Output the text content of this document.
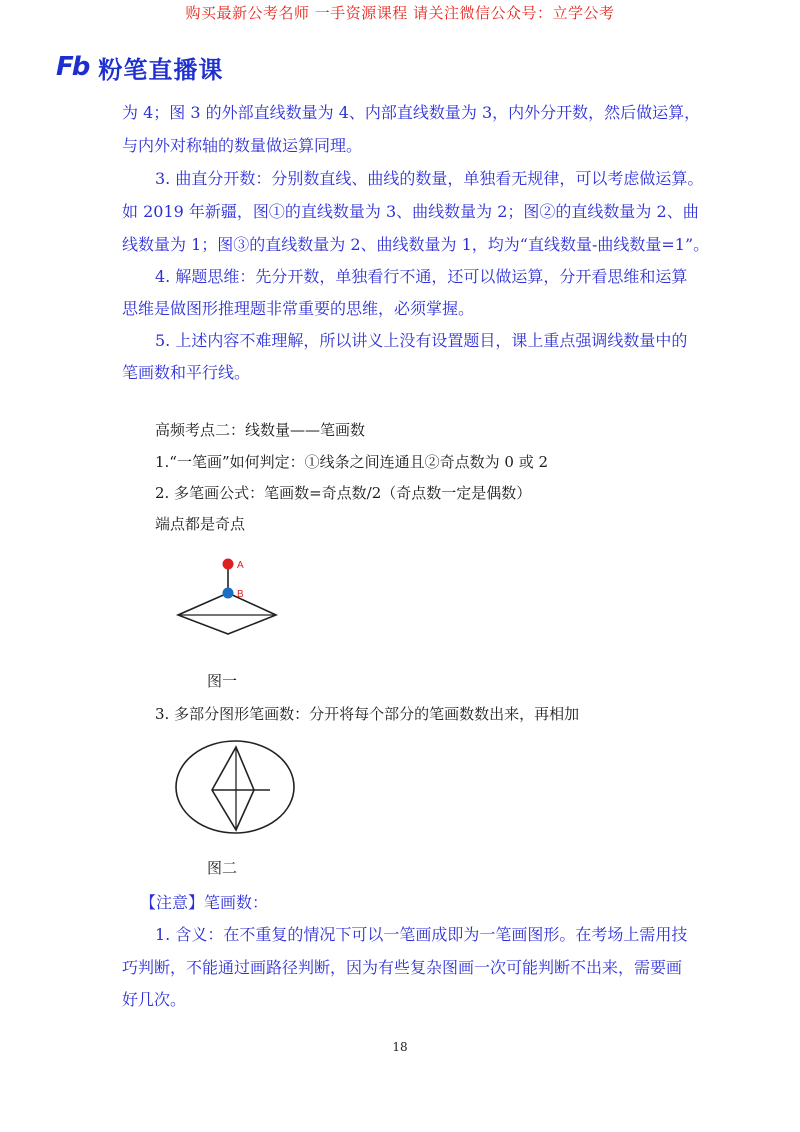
购买最新公考名师 一手资源课程 请关注微信公众号：立学公考
Fb 粉笔直播课
为 4；图 3 的外部直线数量为 4、内部直线数量为 3，内外分开数，然后做运算，
与内外对称轴的数量做运算同理。
3. 曲直分开数：分别数直线、曲线的数量，单独看无规律，可以考虑做运算。
如 2019 年新疆，图①的直线数量为 3、曲线数量为 2；图②的直线数量为 2、曲
线数量为 1；图③的直线数量为 2、曲线数量为 1，均为“直线数量-曲线数量=1”。
4. 解题思维：先分开数，单独看行不通，还可以做运算，分开看思维和运算
思维是做图形推理题非常重要的思维，必须掌握。
5. 上述内容不难理解，所以讲义上没有设置题目，课上重点强调线数量中的
笔画数和平行线。
高频考点二：线数量——笔画数
1.“一笔画”如何判定：①线条之间连通且②奇点数为 0 或 2
2. 多笔画公式：笔画数=奇点数/2（奇点数一定是偶数）
端点都是奇点
A
B
图一
3. 多部分图形笔画数：分开将每个部分的笔画数数出来，再相加
图二
【注意】笔画数：
1. 含义：在不重复的情况下可以一笔画成即为一笔画图形。在考场上需用技
巧判断，不能通过画路径判断，因为有些复杂图画一次可能判断不出来，需要画
好几次。
18
